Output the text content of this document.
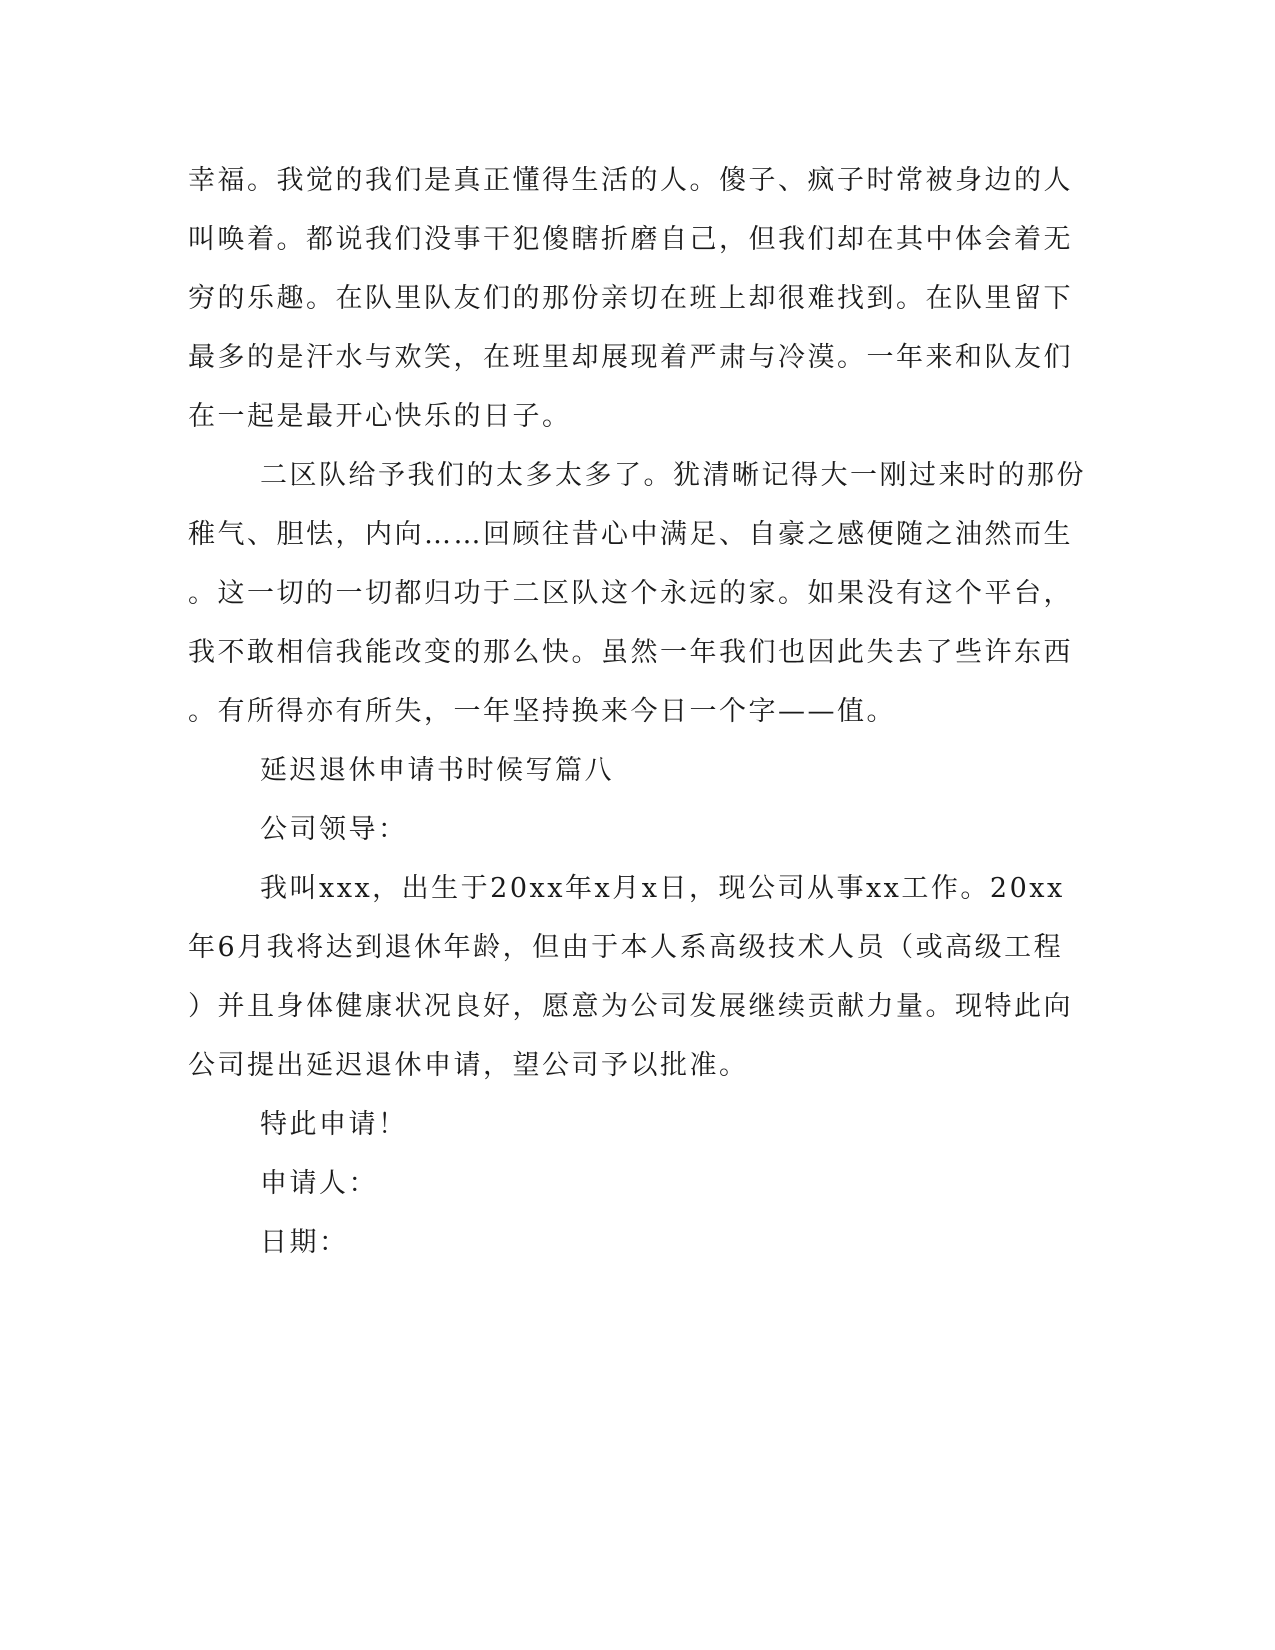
幸福。我觉的我们是真正懂得生活的人。傻子、疯子时常被身边的人
叫唤着。都说我们没事干犯傻瞎折磨自己，但我们却在其中体会着无
穷的乐趣。在队里队友们的那份亲切在班上却很难找到。在队里留下
最多的是汗水与欢笑，在班里却展现着严肃与冷漠。一年来和队友们
在一起是最开心快乐的日子。
二区队给予我们的太多太多了。犹清晰记得大一刚过来时的那份
稚气、胆怯，内向……回顾往昔心中满足、自豪之感便随之油然而生
。这一切的一切都归功于二区队这个永远的家。如果没有这个平台，
我不敢相信我能改变的那么快。虽然一年我们也因此失去了些许东西
。有所得亦有所失，一年坚持换来今日一个字——值。
延迟退休申请书时候写篇八
公司领导：
我叫xxx，出生于20xx年x月x日，现公司从事xx工作。20xx
年6月我将达到退休年龄，但由于本人系高级技术人员（或高级工程
）并且身体健康状况良好，愿意为公司发展继续贡献力量。现特此向
公司提出延迟退休申请，望公司予以批准。
特此申请！
申请人：
日期：
